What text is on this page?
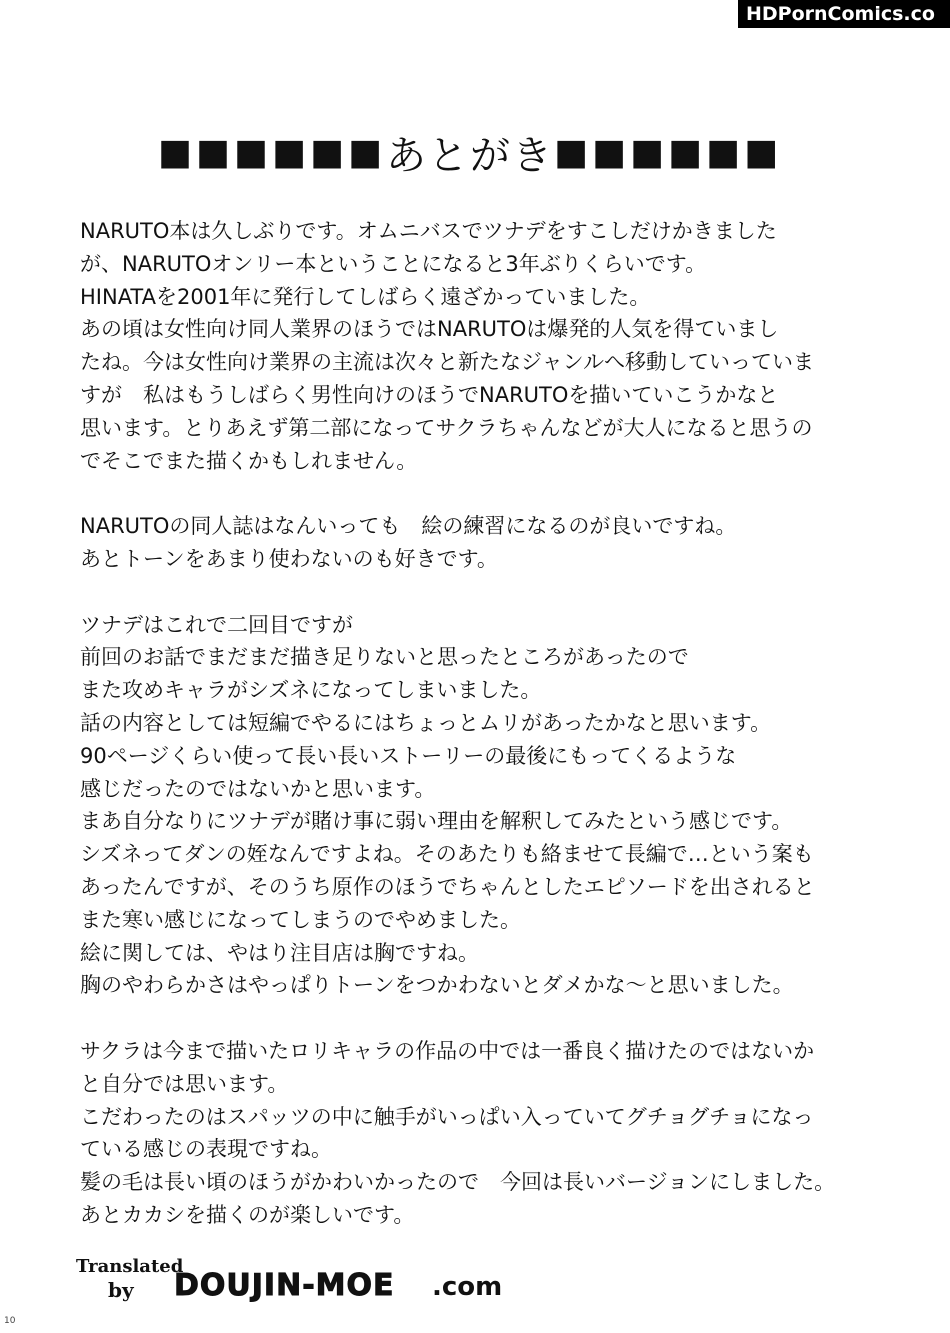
HDPornComics.co
■■■■■■ あとがき ■■■■■■
NARUTO本は久しぶりです。オムニバスでツナデをすこしだけかきました
が、NARUTOオンリー本ということになると3年ぶりくらいです。
HINATAを2001年に発行してしばらく遠ざかっていました。
あの頃は女性向け同人業界のほうではNARUTOは爆発的人気を得ていまし
たね。今は女性向け業界の主流は次々と新たなジャンルへ移動していっていま
すが　私はもうしばらく男性向けのほうでNARUTOを描いていこうかなと
思います。とりあえず第二部になってサクラちゃんなどが大人になると思うの
でそこでまた描くかもしれません。
NARUTOの同人誌はなんいっても　絵の練習になるのが良いですね。
あとトーンをあまり使わないのも好きです。
ツナデはこれで二回目ですが
前回のお話でまだまだ描き足りないと思ったところがあったので
また攻めキャラがシズネになってしまいました。
話の内容としては短編でやるにはちょっとムリがあったかなと思います。
90ページくらい使って長い長いストーリーの最後にもってくるような
感じだったのではないかと思います。
まあ自分なりにツナデが賭け事に弱い理由を解釈してみたという感じです。
シズネってダンの姪なんですよね。そのあたりも絡ませて長編で…という案も
あったんですが、そのうち原作のほうでちゃんとしたエピソードを出されると
また寒い感じになってしまうのでやめました。
絵に関しては、やはり注目店は胸ですね。
胸のやわらかさはやっぱりトーンをつかわないとダメかな～と思いました。
サクラは今まで描いたロリキャラの作品の中では一番良く描けたのではないか
と自分では思います。
こだわったのはスパッツの中に触手がいっぱい入っていてグチョグチョになっ
ている感じの表現ですね。
髪の毛は長い頃のほうがかわいかったので　今回は長いバージョンにしました。
あとカカシを描くのが楽しいです。
Translated
by DOUJIN-MOE .com
10
